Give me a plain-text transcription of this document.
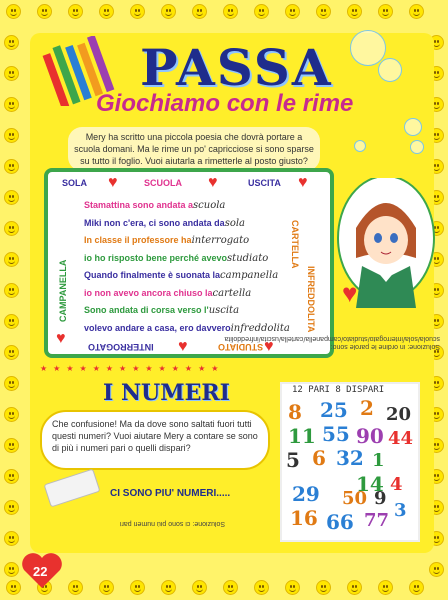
PASSA
Giochiamo con le rime
Mery ha scritto una piccola poesia che dovrà portare a scuola domani. Ma le rime un po' capricciose si sono sparse su tutto il foglio. Vuoi aiutarla a rimetterle al posto giusto?
SOLA ♥	SCUOLA ♥	USCITA ♥
CARTELLA
INFREDDOLITA
CAMPANELLA
♥	INTERROGATO ♥	STUDIATO ♥
Stamattina sono andata ascuola
Miki non c'era, ci sono andata dasola
In classe il professore hainterrogato
io ho risposto bene perché avevostudiato
Quando finalmente è suonata lacampanella
io non avevo ancora chiuso lacartella
Sono andata di corsa verso l'uscita
volevo andare a casa, ero davveroinfreddolita
♥
Soluzione: in ordine le parole sono: scuola/sola/interrogato/studiato/campanella/cartella/uscita/infreddolita
★★★★★★★★★★★★★★
I NUMERI
Che confusione! Ma da dove sono saltati fuori tutti questi numeri? Vuoi aiutare Mery a contare se sono di più i numeri pari o quelli dispari?
CI SONO PIU' NUMERI.....
Soluzione: ci sono più numeri pari
12 PARI 8 DISPARI
8 25 2 20
11 55 90 44
5 6 32 1
14 4
29 50 9
16 66 77 3
22
